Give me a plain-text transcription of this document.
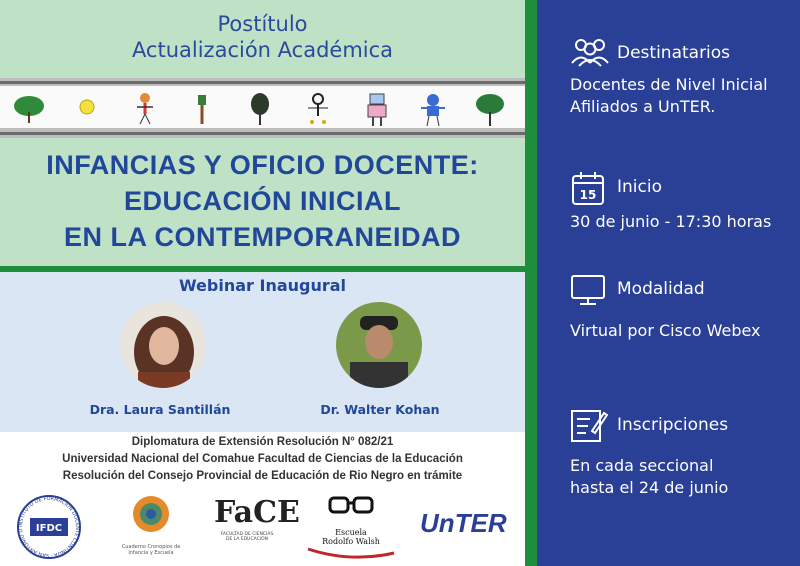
Postítulo
Actualización Académica
INFANCIAS Y OFICIO DOCENTE:
EDUCACIÓN INICIAL
EN LA CONTEMPORANEIDAD
Webinar Inaugural
Dra. Laura Santillán	Dr. Walter Kohan
Diplomatura de Extensión Resolución N° 082/21
Universidad Nacional del Comahue Facultad de Ciencias de la Educación
Resolución del Consejo Provincial de Educación de Rio Negro en trámite
INSTITUTO DE FORMACIÓN DOCENTE CONTINUA · SAN ANTONIO O	IFDC
Cuaderno Cronopios de
Infancia y Escuela
FaCE
FACULTAD DE CIENCIAS
DE LA EDUCACIÓN
Escuela
Rodolfo Walsh
UnTER
Destinatarios
Docentes de Nivel Inicial
Afiliados a UnTER.
15 Inicio
30 de junio - 17:30 horas
Modalidad
Virtual por Cisco Webex
Inscripciones
En cada seccional
hasta el 24 de junio
